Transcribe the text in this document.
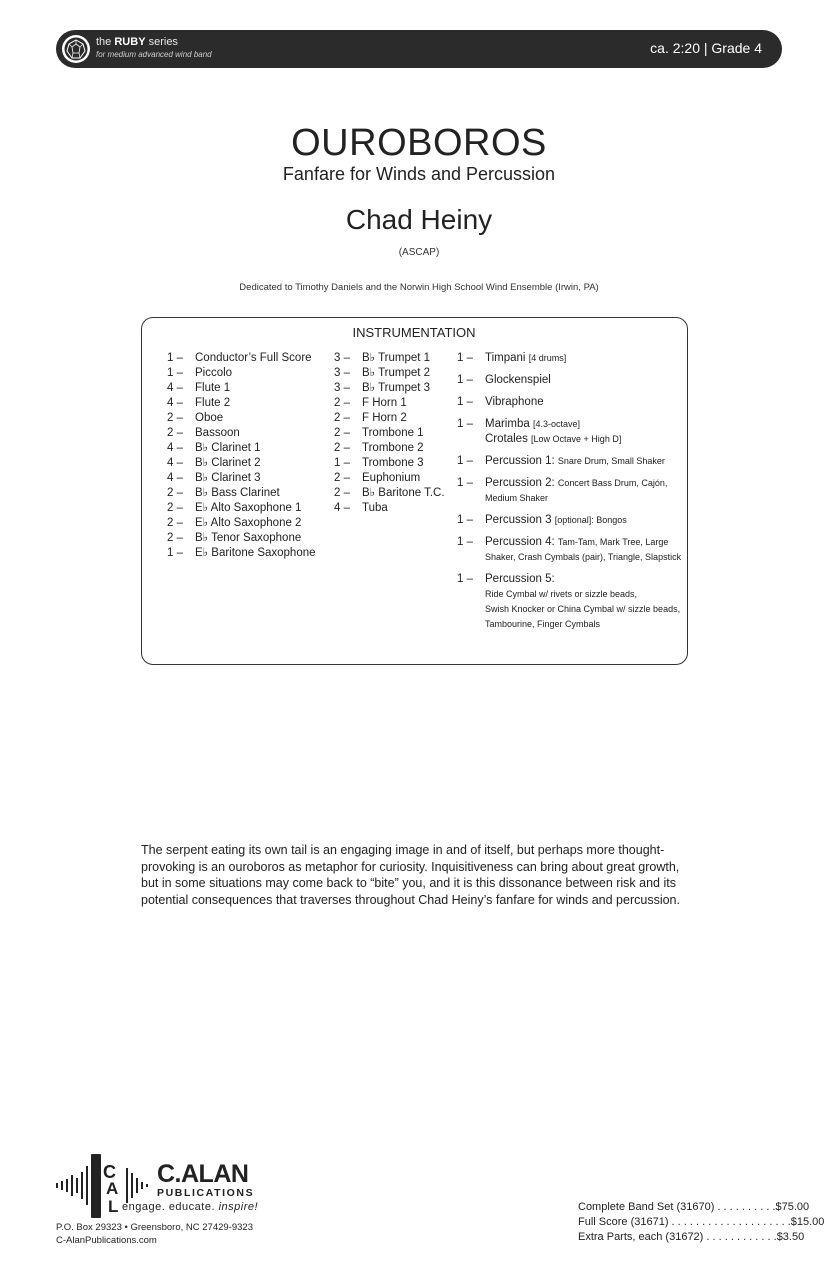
the RUBY series
for medium advanced wind band	ca. 2:20 | Grade 4
OUROBOROS
Fanfare for Winds and Percussion
Chad Heiny
(ASCAP)
Dedicated to Timothy Daniels and the Norwin High School Wind Ensemble (Irwin, PA)
INSTRUMENTATION
1 –	Conductor’s Full Score
1 –	Piccolo
4 –	Flute 1
4 –	Flute 2
2 –	Oboe
2 –	Bassoon
4 –	B♭ Clarinet 1
4 –	B♭ Clarinet 2
4 –	B♭ Clarinet 3
2 –	B♭ Bass Clarinet
2 –	E♭ Alto Saxophone 1
2 –	E♭ Alto Saxophone 2
2 –	B♭ Tenor Saxophone
1 –	E♭ Baritone Saxophone
3 –	B♭ Trumpet 1
3 –	B♭ Trumpet 2
3 –	B♭ Trumpet 3
2 –	F Horn 1
2 –	F Horn 2
2 –	Trombone 1
2 –	Trombone 2
1 –	Trombone 3
2 –	Euphonium
2 –	B♭ Baritone T.C.
4 –	Tuba
1 –	Timpani [4 drums]
1 –	Glockenspiel
1 –	Vibraphone
1 –	Marimba [4.3-octave]
Crotales [Low Octave + High D]
1 –	Percussion 1: Snare Drum, Small Shaker
1 –	Percussion 2: Concert Bass Drum, Cajón, Medium Shaker
1 –	Percussion 3 [optional]: Bongos
1 –	Percussion 4: Tam-Tam, Mark Tree, Large Shaker, Crash Cymbals (pair), Triangle, Slapstick
1 –	Percussion 5:
Ride Cymbal w/ rivets or sizzle beads,
Swish Knocker or China Cymbal w/ sizzle beads,
Tambourine, Finger Cymbals

The serpent eating its own tail is an engaging image in and of itself, but perhaps more thought-provoking is an ouroboros as metaphor for curiosity. Inquisitiveness can bring about great growth, but in some situations may come back to “bite” you, and it is this dissonance between risk and its potential consequences that traverses throughout Chad Heiny’s fanfare for winds and percussion.

C
A
L
C.ALAN
PUBLICATIONS
engage. educate. inspire!
P.O. Box 29323 • Greensboro, NC 27429-9323
C-AlanPublications.com
Complete Band Set (31670) . . . . . . . . . . $75.00
Full Score (31671) . . . . . . . . . . . . . . . . . . . . $15.00
Extra Parts, each (31672) . . . . . . . . . . . . $3.50
